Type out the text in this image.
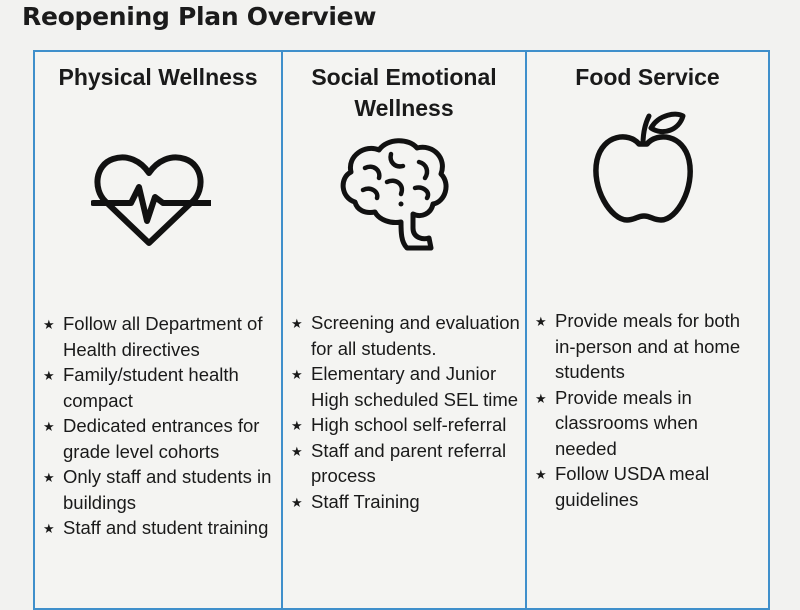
Reopening Plan Overview
Physical Wellness
★ Follow all Department of Health directives
★ Family/student health compact
★ Dedicated entrances for grade level cohorts
★ Only staff and students in buildings
★ Staff and student training
Social Emotional Wellness
★ Screening and evaluation for all students.
★ Elementary and Junior High scheduled SEL time
★ High school self-referral
★ Staff and parent referral process
★ Staff Training
Food Service
★ Provide meals for both in-person and at home students
★ Provide meals in classrooms when needed
★ Follow USDA meal guidelines
